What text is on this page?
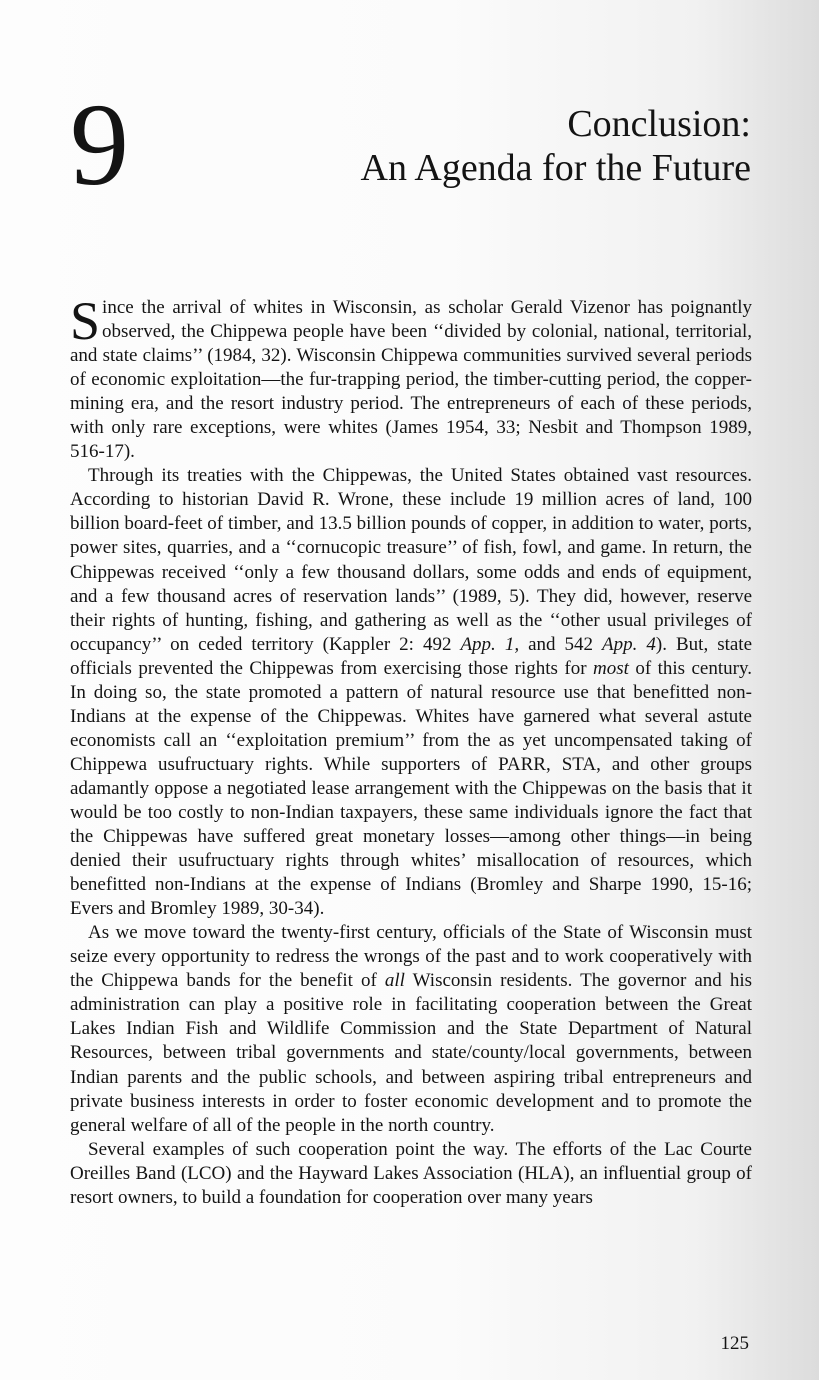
9	Conclusion:
An Agenda for the Future

Since the arrival of whites in Wisconsin, as scholar Gerald Vizenor has poignantly observed, the Chippewa people have been ‘‘divided by colonial, national, territorial, and state claims’’ (1984, 32). Wisconsin Chippewa communities survived several periods of economic exploitation—the fur-trapping period, the timber-cutting period, the copper-mining era, and the resort industry period. The entrepreneurs of each of these periods, with only rare exceptions, were whites (James 1954, 33; Nesbit and Thompson 1989, 516-17).

Through its treaties with the Chippewas, the United States obtained vast resources. According to historian David R. Wrone, these include 19 million acres of land, 100 billion board-feet of timber, and 13.5 billion pounds of copper, in addition to water, ports, power sites, quarries, and a ‘‘cornucopic treasure’’ of fish, fowl, and game. In return, the Chippewas received ‘‘only a few thousand dollars, some odds and ends of equipment, and a few thousand acres of reservation lands’’ (1989, 5). They did, however, reserve their rights of hunting, fishing, and gathering as well as the ‘‘other usual privileges of occupancy’’ on ceded territory (Kappler 2: 492 App. 1, and 542 App. 4). But, state officials prevented the Chippewas from exercising those rights for most of this century. In doing so, the state promoted a pattern of natural resource use that benefitted non-Indians at the expense of the Chippewas. Whites have garnered what several astute economists call an ‘‘exploitation premium’’ from the as yet uncompensated taking of Chippewa usufructuary rights. While supporters of PARR, STA, and other groups adamantly oppose a negotiated lease arrangement with the Chippewas on the basis that it would be too costly to non-Indian taxpayers, these same individuals ignore the fact that the Chippewas have suffered great monetary losses—among other things—in being denied their usufructuary rights through whites’ misallocation of resources, which benefitted non-Indians at the expense of Indians (Bromley and Sharpe 1990, 15-16; Evers and Bromley 1989, 30-34).

As we move toward the twenty-first century, officials of the State of Wisconsin must seize every opportunity to redress the wrongs of the past and to work cooperatively with the Chippewa bands for the benefit of all Wisconsin residents. The governor and his administration can play a positive role in facilitating cooperation between the Great Lakes Indian Fish and Wildlife Commission and the State Department of Natural Resources, between tribal governments and state/county/local governments, between Indian parents and the public schools, and between aspiring tribal entrepreneurs and private business interests in order to foster economic development and to promote the general welfare of all of the people in the north country.

Several examples of such cooperation point the way. The efforts of the Lac Courte Oreilles Band (LCO) and the Hayward Lakes Association (HLA), an influential group of resort owners, to build a foundation for cooperation over many years

125
